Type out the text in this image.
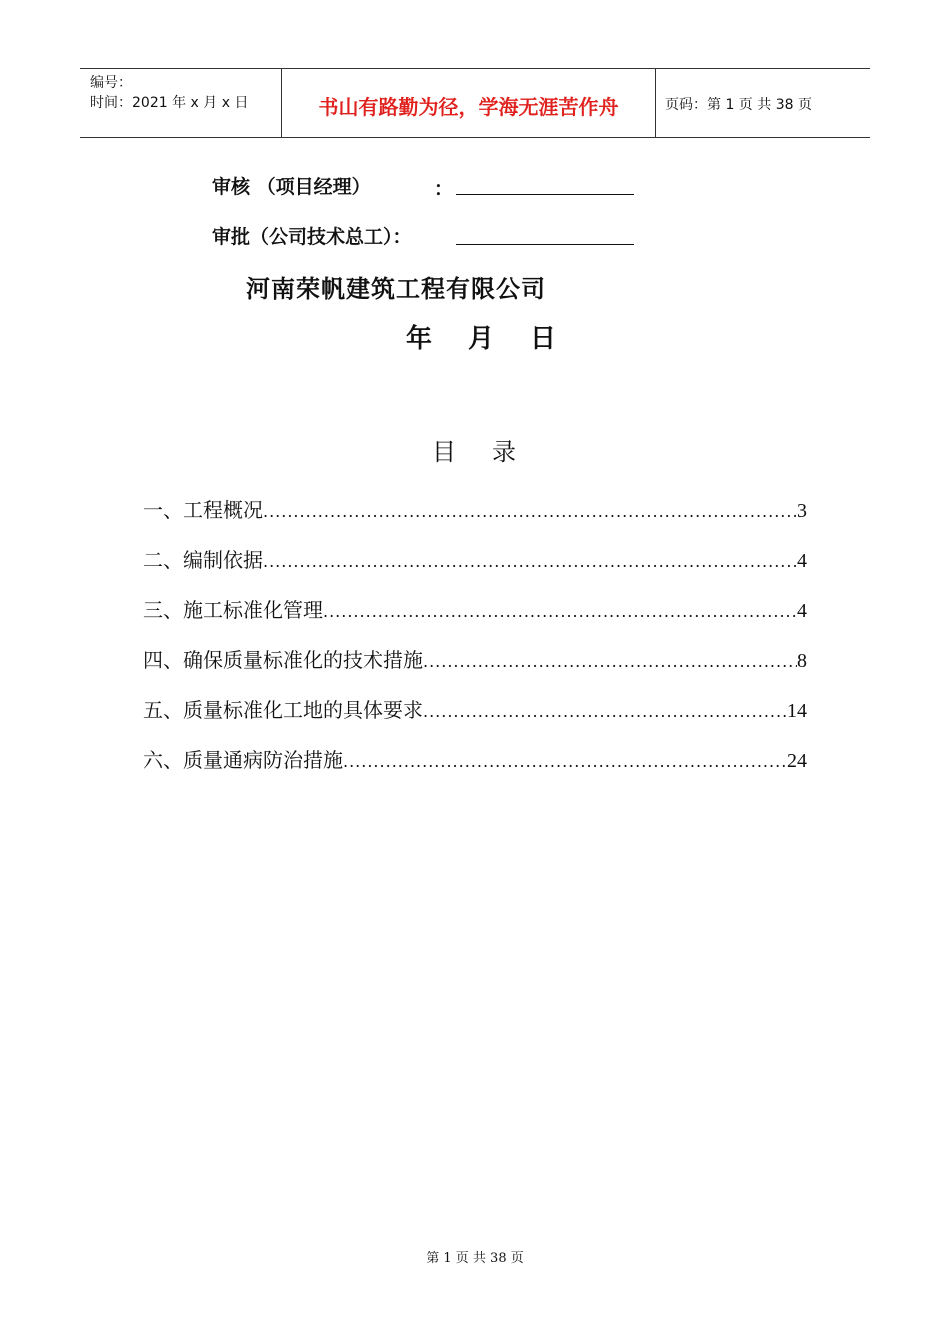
编号：
时间：2021 年 x 月 x 日	书山有路勤为径，学海无涯苦作舟	页码：第 1 页 共 38 页
审核 （项目经理）	：
审批（公司技术总工）：
河南荣帆建筑工程有限公司
年 月 日
目 录
一、工程概况 .....	3
二、编制依据 .....	4
三、施工标准化管理 .....	4
四、确保质量标准化的技术措施 .....	8
五、质量标准化工地的具体要求 .....	14
六、质量通病防治措施 .....	24
第 1 页 共 38 页
